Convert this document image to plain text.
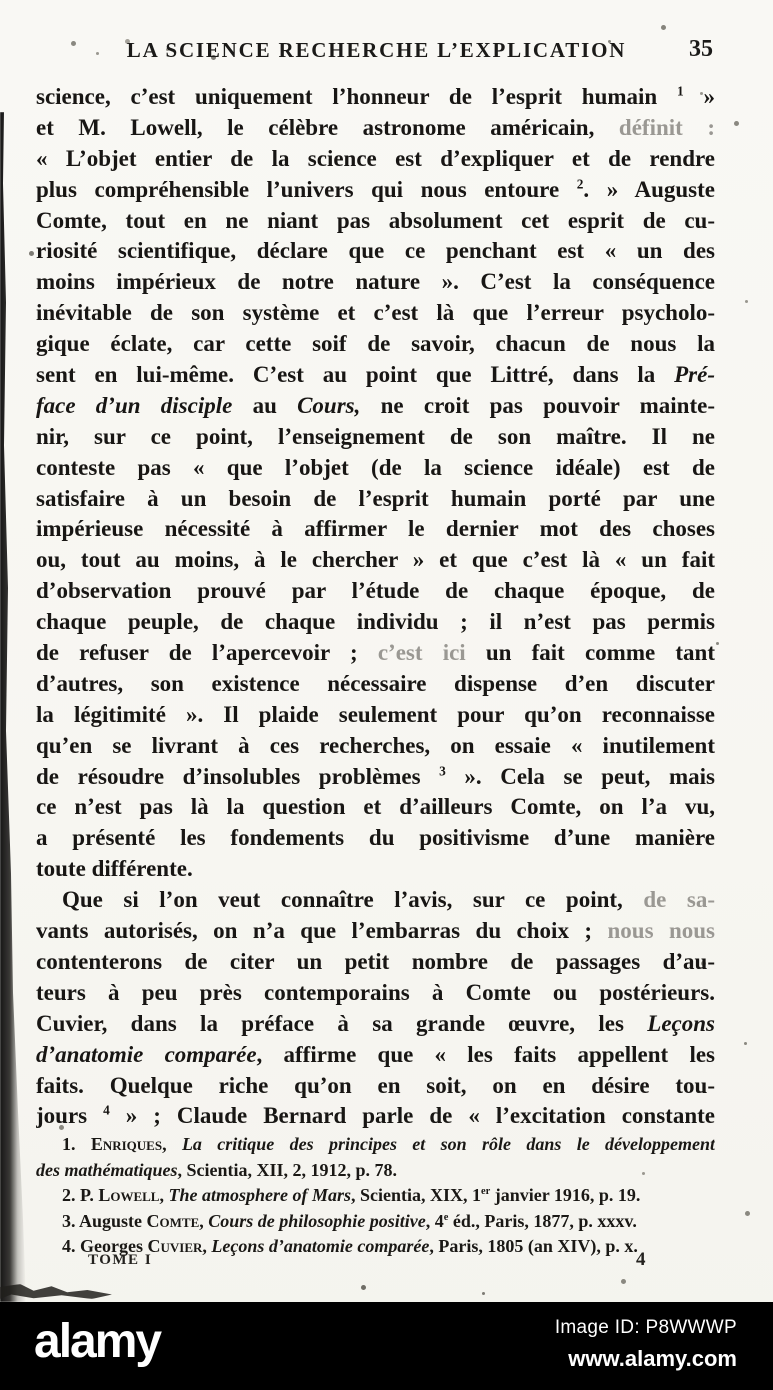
LA SCIENCE RECHERCHE L’EXPLICATION	35
science, c’est uniquement l’honneur de l’esprit humain $^1$ »
et M. Lowell, le célèbre astronome américain, définit :
« L’objet entier de la science est d’expliquer et de rendre
plus compréhensible l’univers qui nous entoure $^2$. » Auguste
Comte, tout en ne niant pas absolument cet esprit de cu-
riosité scientifique, déclare que ce penchant est « un des
moins impérieux de notre nature ». C’est la conséquence
inévitable de son système et c’est là que l’erreur psycholo-
gique éclate, car cette soif de savoir, chacun de nous la
sent en lui-même. C’est au point que Littré, dans la Pré-
face d’un disciple au Cours, ne croit pas pouvoir mainte-
nir, sur ce point, l’enseignement de son maître. Il ne
conteste pas « que l’objet (de la science idéale) est de
satisfaire à un besoin de l’esprit humain porté par une
impérieuse nécessité à affirmer le dernier mot des choses
ou, tout au moins, à le chercher » et que c’est là « un fait
d’observation prouvé par l’étude de chaque époque, de
chaque peuple, de chaque individu ; il n’est pas permis
de refuser de l’apercevoir ; c’est ici un fait comme tant
d’autres, son existence nécessaire dispense d’en discuter
la légitimité ». Il plaide seulement pour qu’on reconnaisse
qu’en se livrant à ces recherches, on essaie « inutilement
de résoudre d’insolubles problèmes $^3$ ». Cela se peut, mais
ce n’est pas là la question et d’ailleurs Comte, on l’a vu,
a présenté les fondements du positivisme d’une manière
toute différente.
Que si l’on veut connaître l’avis, sur ce point, de sa-
vants autorisés, on n’a que l’embarras du choix ; nous nous
contenterons de citer un petit nombre de passages d’au-
teurs à peu près contemporains à Comte ou postérieurs.
Cuvier, dans la préface à sa grande œuvre, les Leçons
d’anatomie comparée, affirme que « les faits appellent les
faits. Quelque riche qu’on en soit, on en désire tou-
jours $^4$ » ; Claude Bernard parle de « l’excitation constante
1. Enriques, La critique des principes et son rôle dans le développement
des mathématiques, Scientia, XII, 2, 1912, p. 78.
2. P. Lowell, The atmosphere of Mars, Scientia, XIX, 1er janvier 1916, p. 19.
3. Auguste Comte, Cours de philosophie positive, 4e éd., Paris, 1877, p. xxxv.
4. Georges Cuvier, Leçons d’anatomie comparée, Paris, 1805 (an XIV), p. x.
TOME I	4
alamy	Image ID: P8WWWP
www.alamy.com
